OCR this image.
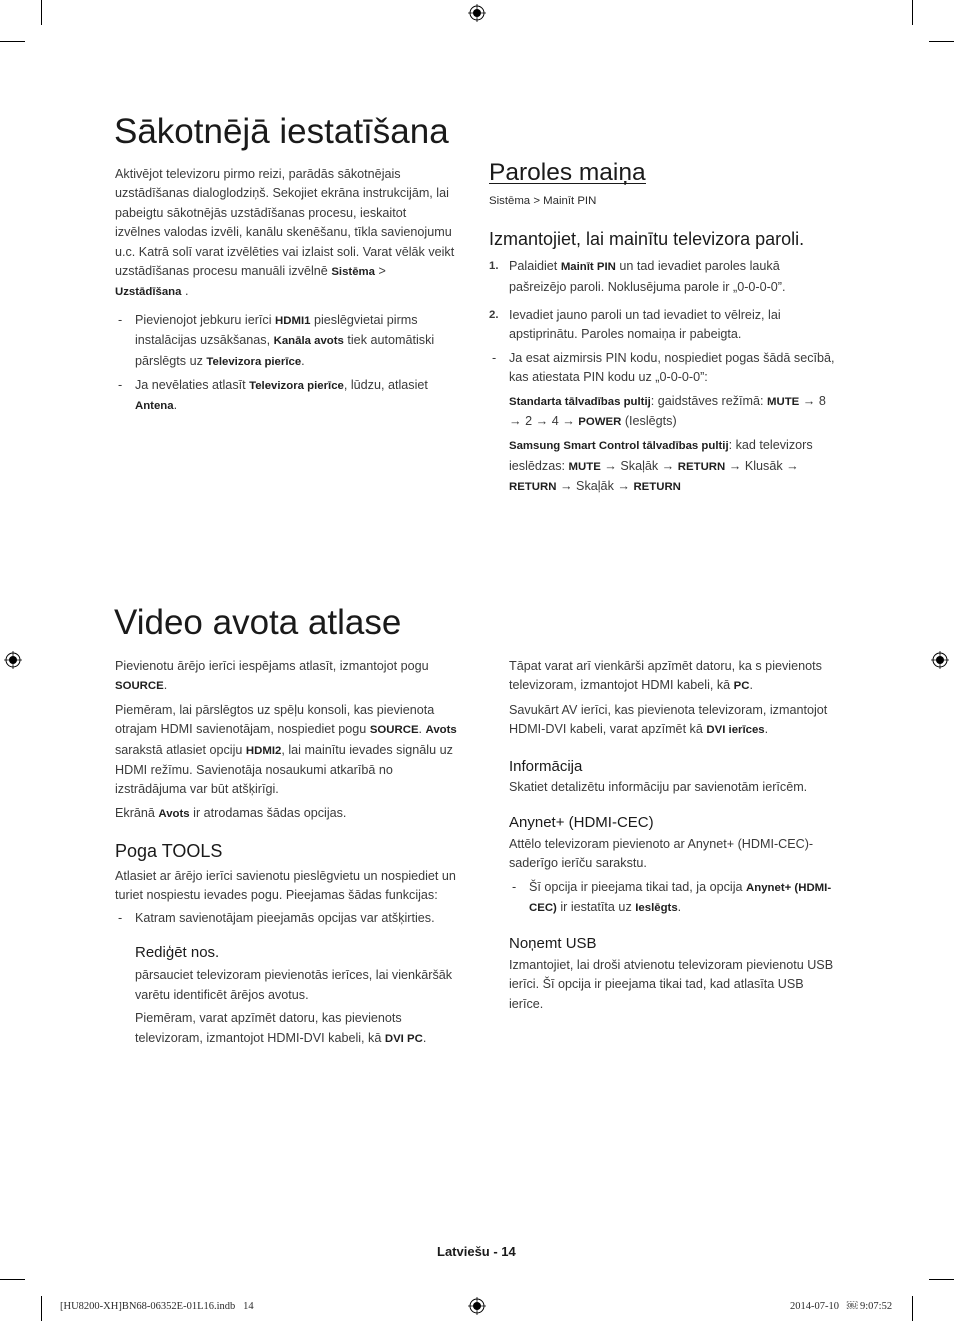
Sākotnējā iestatīšana

Aktivējot televizoru pirmo reizi, parādās sākotnējais uzstādīšanas dialoglodziņš. Sekojiet ekrāna instrukcijām, lai pabeigtu sākotnējās uzstādīšanas procesu, ieskaitot izvēlnes valodas izvēli, kanālu skenēšanu, tīkla savienojumu u.c. Katrā solī varat izvēlēties vai izlaist soli. Varat vēlāk veikt uzstādīšanas procesu manuāli izvēlnē Sistēma > Uzstādīšana .

- Pievienojot jebkuru ierīci HDMI1 pieslēgvietai pirms instalācijas uzsākšanas, Kanāla avots tiek automātiski pārslēgts uz Televizora pierīce.

- Ja nevēlaties atlasīt Televizora pierīce, lūdzu, atlasiet Antena.

Paroles maiņa
Sistēma > Mainīt PIN
Izmantojiet, lai mainītu televizora paroli.

1. Palaidiet Mainīt PIN un tad ievadiet paroles laukā pašreizējo paroli. Noklusējuma parole ir „0-0-0-0”.

2. Ievadiet jauno paroli un tad ievadiet to vēlreiz, lai apstiprinātu. Paroles nomaiņa ir pabeigta.

- Ja esat aizmirsis PIN kodu, nospiediet pogas šādā secībā, kas atiestata PIN kodu uz „0-0-0-0”:

Standarta tālvadības pultij: gaidstāves režīmā: MUTE → 8 → 2 → 4 → POWER (Ieslēgts)

Samsung Smart Control tālvadības pultij: kad televizors ieslēdzas: MUTE → Skaļāk → RETURN → Klusāk → RETURN → Skaļāk → RETURN

Video avota atlase

Pievienotu ārējo ierīci iespējams atlasīt, izmantojot pogu SOURCE.

Piemēram, lai pārslēgtos uz spēļu konsoli, kas pievienota otrajam HDMI savienotājam, nospiediet pogu SOURCE. Avots sarakstā atlasiet opciju HDMI2, lai mainītu ievades signālu uz HDMI režīmu. Savienotāja nosaukumi atkarībā no izstrādājuma var būt atšķirīgi.

Ekrānā Avots ir atrodamas šādas opcijas.

Poga TOOLS

Atlasiet ar ārējo ierīci savienotu pieslēgvietu un nospiediet un turiet nospiestu ievades pogu. Pieejamas šādas funkcijas:

- Katram savienotājam pieejamās opcijas var atšķirties.

Rediģēt nos.

pārsauciet televizoram pievienotās ierīces, lai vienkāršāk varētu identificēt ārējos avotus.

Piemēram, varat apzīmēt datoru, kas pievienots televizoram, izmantojot HDMI-DVI kabeli, kā DVI PC.

Tāpat varat arī vienkārši apzīmēt datoru, ka s pievienots televizoram, izmantojot HDMI kabeli, kā PC.

Savukārt AV ierīci, kas pievienota televizoram, izmantojot HDMI-DVI kabeli, varat apzīmēt kā DVI ierīces.

Informācija

Skatiet detalizētu informāciju par savienotām ierīcēm.

Anynet+ (HDMI-CEC)

Attēlo televizoram pievienoto ar Anynet+ (HDMI-CEC)-saderīgo ierīču sarakstu.

- Šī opcija ir pieejama tikai tad, ja opcija Anynet+ (HDMI-CEC) ir iestatīta uz Ieslēgts.

Noņemt USB

Izmantojiet, lai droši atvienotu televizoram pievienotu USB ierīci. Šī opcija ir pieejama tikai tad, kad atlasīta USB ierīce.

Latviešu - 14
[HU8200-XH]BN68-06352E-01L16.indb   14	2014-07-10   ￼ 9:07:52
